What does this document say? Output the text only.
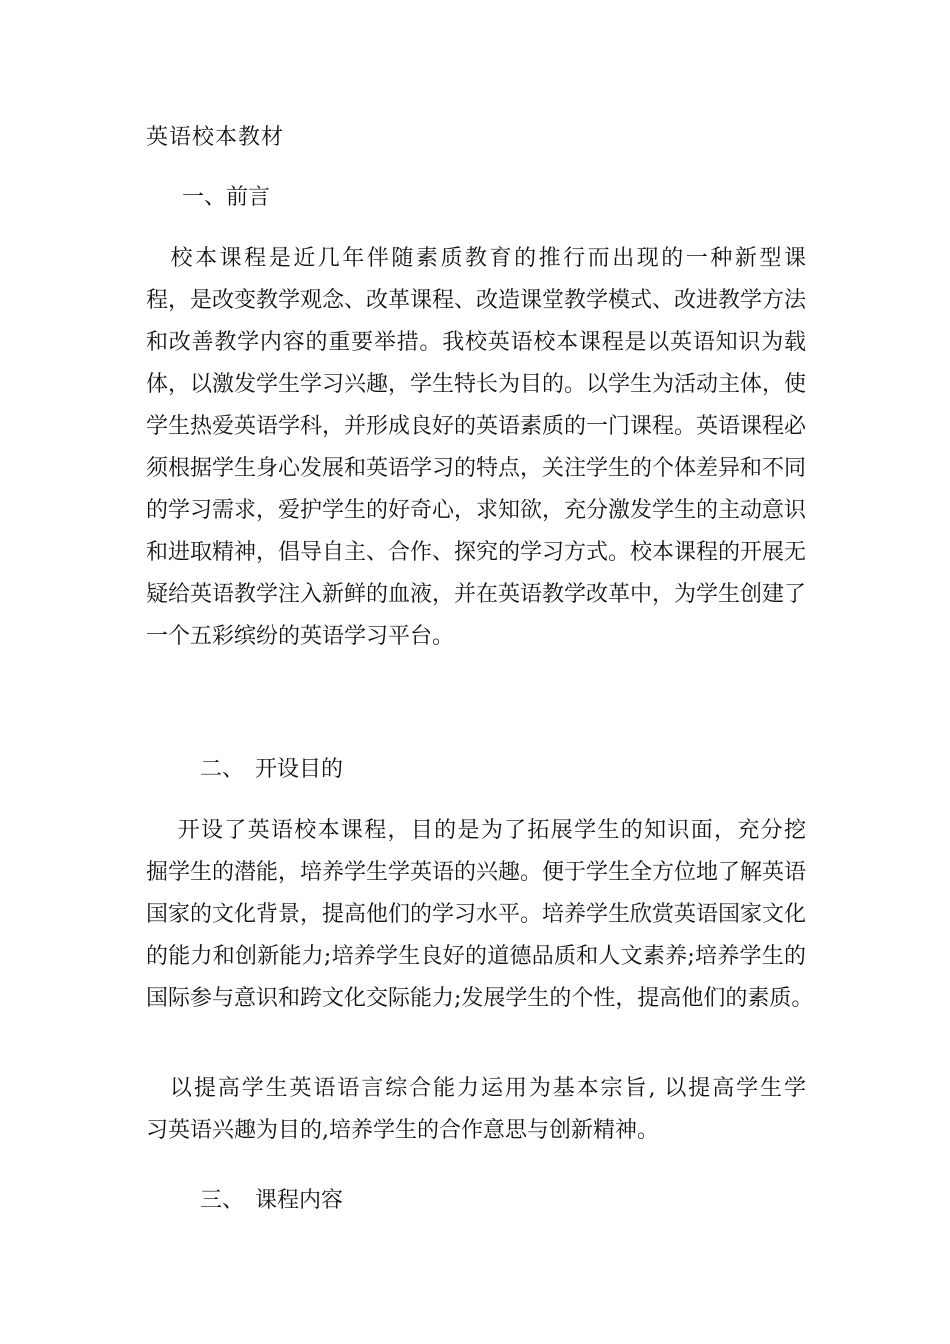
英语校本教材
一、前言
　校本课程是近几年伴随素质教育的推行而出现的一种新型课
程，是改变教学观念、改革课程、改造课堂教学模式、改进教学方法
和改善教学内容的重要举措。我校英语校本课程是以英语知识为载
体，以激发学生学习兴趣，学生特长为目的。以学生为活动主体，使
学生热爱英语学科，并形成良好的英语素质的一门课程。英语课程必
须根据学生身心发展和英语学习的特点，关注学生的个体差异和不同
的学习需求，爱护学生的好奇心，求知欲，充分激发学生的主动意识
和进取精神，倡导自主、合作、探究的学习方式。校本课程的开展无
疑给英语教学注入新鲜的血液，并在英语教学改革中，为学生创建了
一个五彩缤纷的英语学习平台。
二、　开设目的
　 开设了英语校本课程，目的是为了拓展学生的知识面，充分挖
掘学生的潜能，培养学生学英语的兴趣。便于学生全方位地了解英语
国家的文化背景，提高他们的学习水平。培养学生欣赏英语国家文化
的能力和创新能力;培养学生良好的道德品质和人文素养;培养学生的
国际参与意识和跨文化交际能力;发展学生的个性，提高他们的素质。
　以提高学生英语语言综合能力运用为基本宗旨, 以提高学生学
习英语兴趣为目的,培养学生的合作意思与创新精神。
三、　课程内容
